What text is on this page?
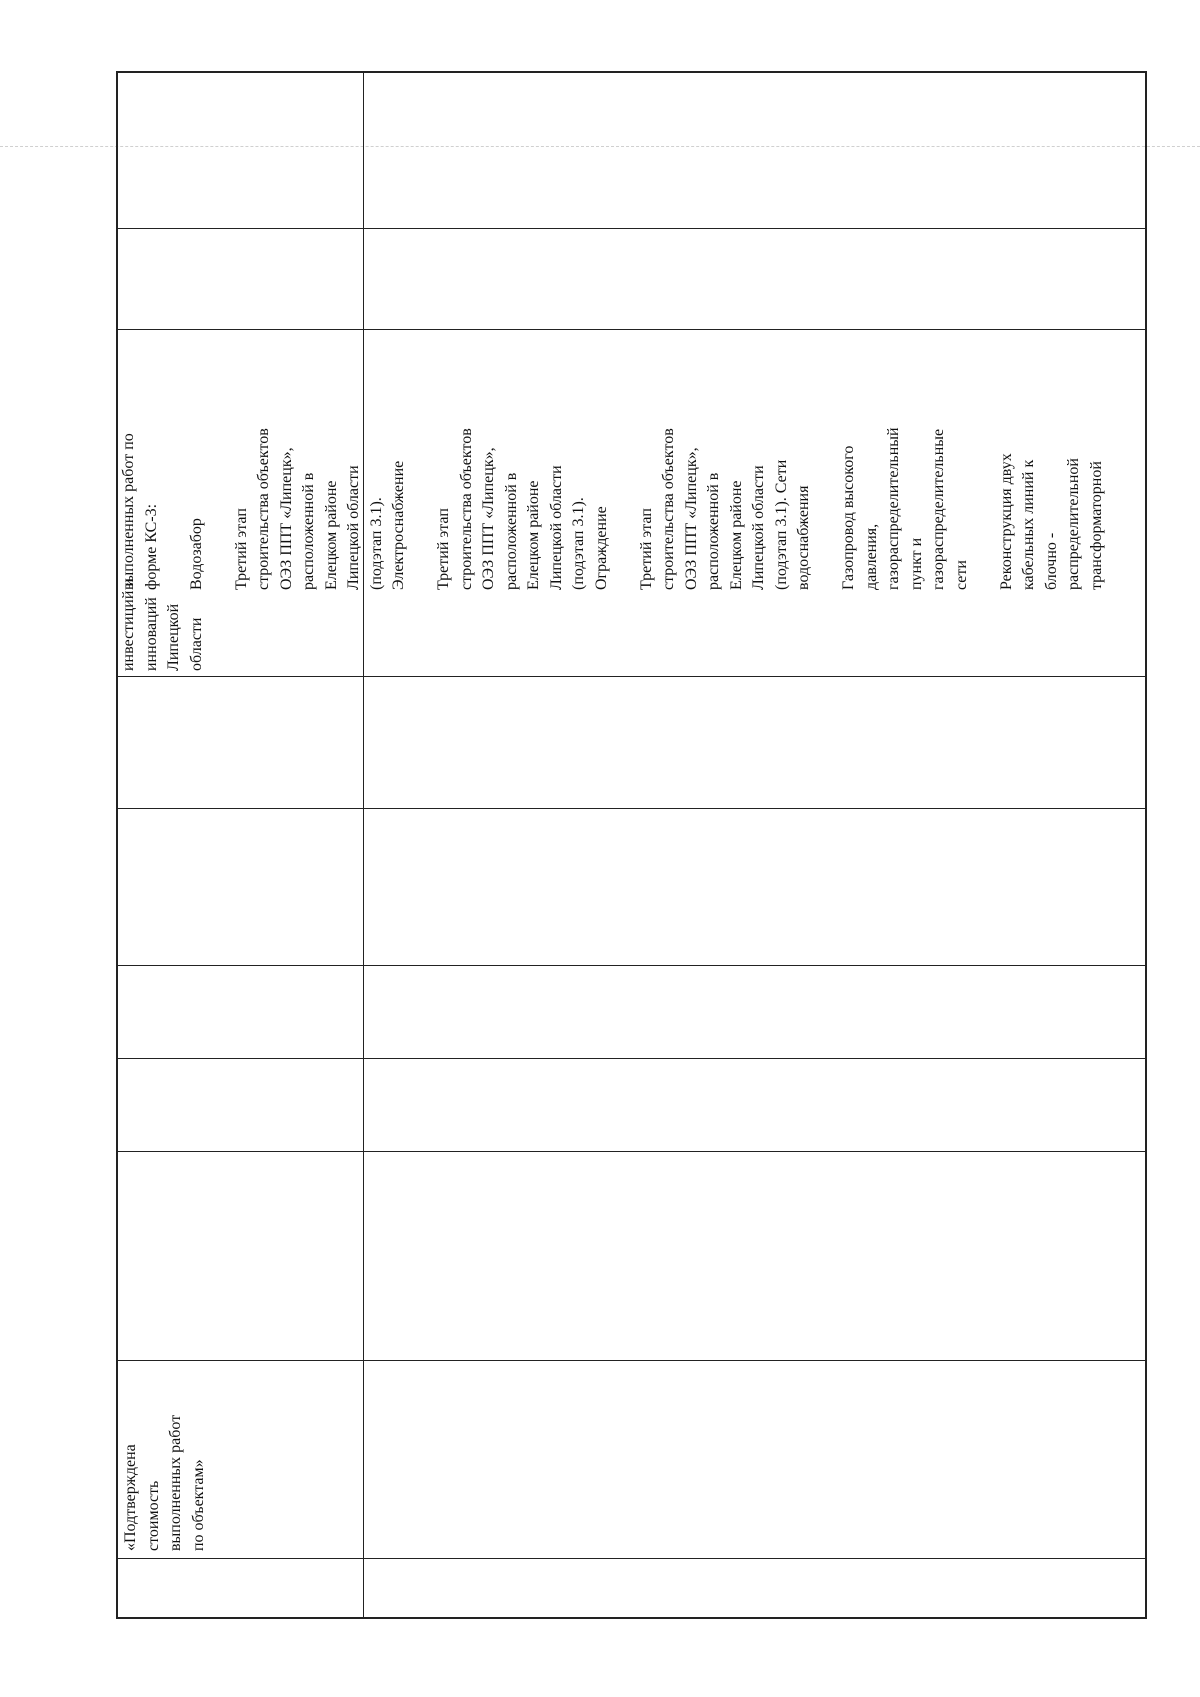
выполненных работ по форме КС-3: Водозабор Третий этап строительства объектов ОЭЗ ППТ «Липецк», расположенной в Елецком районе Липецкой области (подэтап 3.1). Электроснабжение Третий этап строительства объектов ОЭЗ ППТ «Липецк», расположенной в Елецком районе Липецкой области (подэтап 3.1). Ограждение Третий этап строительства объектов ОЭЗ ППТ «Липецк», расположенной в Елецком районе Липецкой области (подэтап 3.1). Сети водоснабжения Газопровод высокого давления, газораспределительный пункт и газораспределительные сети Реконструкция двух кабельных линий к блочно - распределительной трансформаторной
инвестиций и инноваций Липецкой области
«Подтверждена стоимость выполненных работ по объектам»
